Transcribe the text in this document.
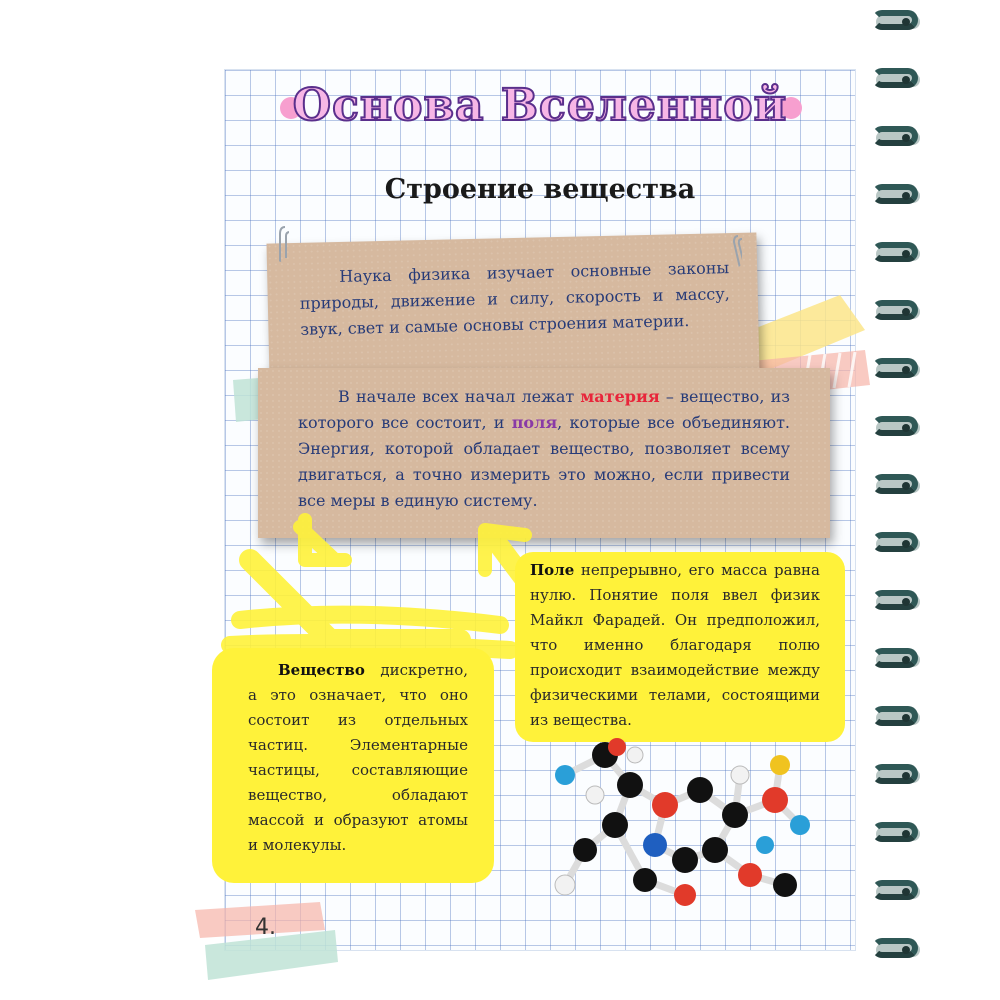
Основа Вселенной
Строение вещества

Наука физика изучает основные законы природы, движение и силу, скорость и массу, звук, свет и самые основы строения материи.

В начале всех начал лежат материя – вещество, из которого все состоит, и поля, которые все объединяют. Энергия, которой обладает вещество, позволяет всему двигаться, а точно измерить это можно, если привести все меры в единую систему.

Поле непрерывно, его масса равна нулю. Понятие поля ввел физик Майкл Фарадей. Он предположил, что именно благодаря полю происходит взаимодействие между физическими телами, состоящими из вещества.

Вещество дискретно, а это означает, что оно состоит из отдельных частиц. Элементарные частицы, составляющие вещество, обладают массой и образуют атомы и молекулы.

4.
